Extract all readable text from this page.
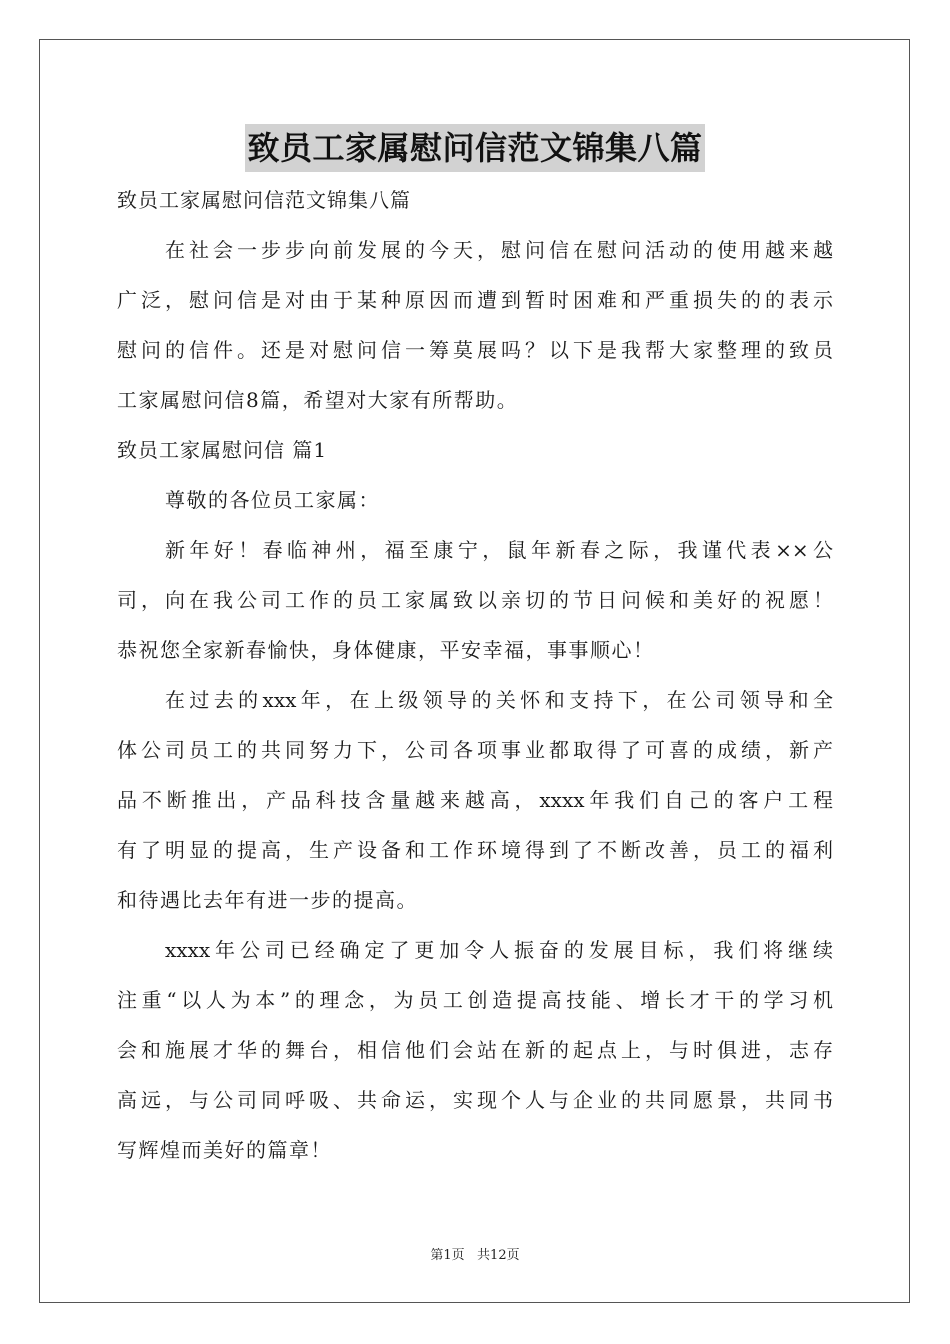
致员工家属慰问信范文锦集八篇
致员工家属慰问信范文锦集八篇
在社会一步步向前发展的今天，慰问信在慰问活动的使用越来越
广泛，慰问信是对由于某种原因而遭到暂时困难和严重损失的的表示
慰问的信件。还是对慰问信一筹莫展吗？以下是我帮大家整理的致员
工家属慰问信8篇，希望对大家有所帮助。
致员工家属慰问信 篇1
尊敬的各位员工家属：
新年好！春临神州，福至康宁，鼠年新春之际，我谨代表××公
司，向在我公司工作的员工家属致以亲切的节日问候和美好的祝愿！
恭祝您全家新春愉快，身体健康，平安幸福，事事顺心！
在过去的xxx年，在上级领导的关怀和支持下，在公司领导和全
体公司员工的共同努力下，公司各项事业都取得了可喜的成绩，新产
品不断推出，产品科技含量越来越高，xxxx年我们自己的客户工程
有了明显的提高，生产设备和工作环境得到了不断改善，员工的福利
和待遇比去年有进一步的提高。
xxxx年公司已经确定了更加令人振奋的发展目标，我们将继续
注重“以人为本”的理念，为员工创造提高技能、增长才干的学习机
会和施展才华的舞台，相信他们会站在新的起点上，与时俱进，志存
高远，与公司同呼吸、共命运，实现个人与企业的共同愿景，共同书
写辉煌而美好的篇章！
第1页   共12页
